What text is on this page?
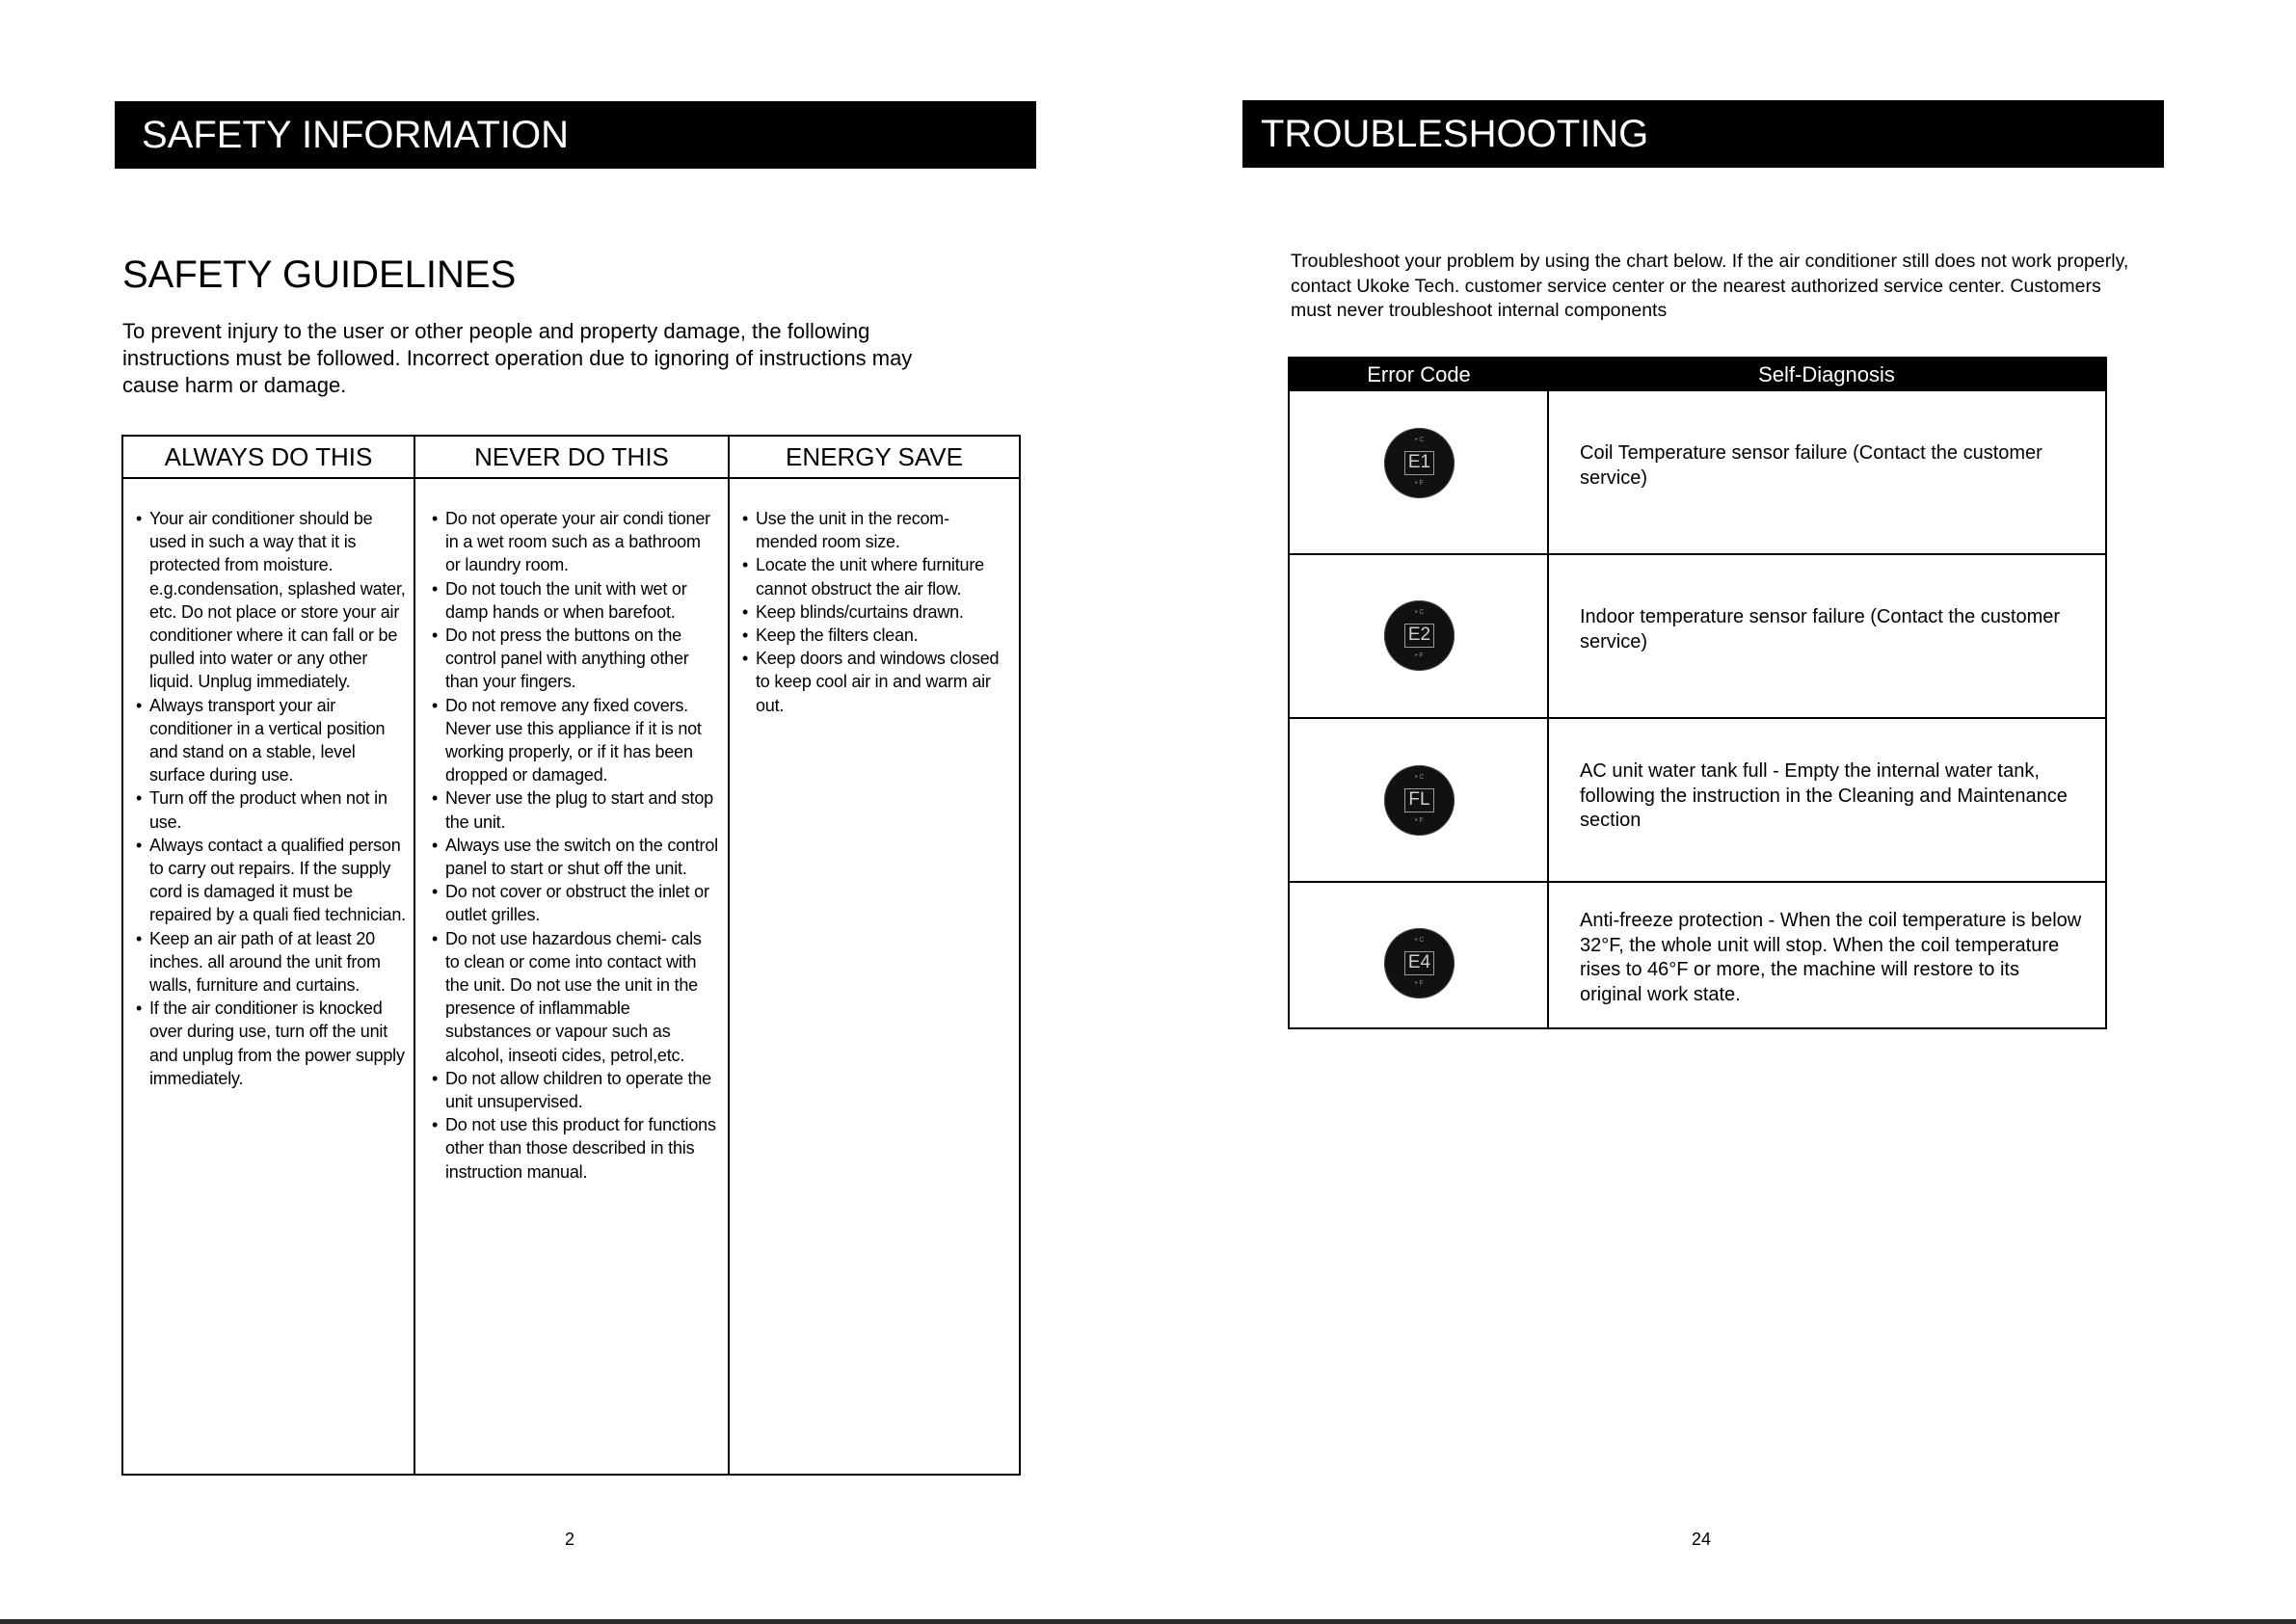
SAFETY INFORMATION
SAFETY GUIDELINES
To prevent injury to the user or other people and property damage, the following instructions must be followed. Incorrect operation due to ignoring of instructions may cause harm or damage.
ALWAYS DO THIS
• Your air conditioner should be used in such a way that it is protected from moisture. e.g.condensation, splashed water, etc. Do not place or store your air conditioner where it can fall or be pulled into water or any other liquid. Unplug immediately.
• Always transport your air conditioner in a vertical position and stand on a stable, level surface during use.
• Turn off the product when not in use.
• Always contact a qualified person to carry out repairs. If the supply cord is damaged it must be repaired by a quali fied technician.
• Keep an air path of at least 20 inches. all around the unit from walls, furniture and curtains.
• If the air conditioner is knocked over during use, turn off the unit and unplug from the power supply immediately.
NEVER DO THIS
• Do not operate your air condi tioner in a wet room such as a bathroom or laundry room.
• Do not touch the unit with wet or damp hands or when barefoot.
• Do not press the buttons on the control panel with anything other than your fingers.
• Do not remove any fixed covers. Never use this appliance if it is not working properly, or if it has been dropped or damaged.
• Never use the plug to start and stop the unit.
• Always use the switch on the control panel to start or shut off the unit.
• Do not cover or obstruct the inlet or outlet grilles.
• Do not use hazardous chemi- cals to clean or come into contact with the unit. Do not use the unit in the presence of inflammable substances or vapour such as alcohol, inseoti cides, petrol,etc.
• Do not allow children to operate the unit unsupervised.
• Do not use this product for functions other than those described in this instruction manual.
ENERGY SAVE
• Use the unit in the recom- mended room size.
• Locate the unit where furniture cannot obstruct the air flow.
• Keep blinds/curtains drawn.
• Keep the filters clean.
• Keep doors and windows closed to keep cool air in and warm air out.
2
TROUBLESHOOTING
Troubleshoot your problem by using the chart below. If the air conditioner still does not work properly, contact Ukoke Tech. customer service center or the nearest authorized service center. Customers must never troubleshoot internal components
Error Code	Self-Diagnosis
• C
E1
• F
Coil Temperature sensor failure (Contact the customer service)
• C
E2
• F
Indoor temperature sensor failure (Contact the customer service)
• C
FL
• F
AC unit water tank full - Empty the internal water tank, following the instruction in the Cleaning and Maintenance section
• C
E4
• F
Anti-freeze protection - When the coil temperature is below 32°F, the whole unit will stop. When the coil temperature rises to 46°F or more, the machine will restore to its original work state.
24
